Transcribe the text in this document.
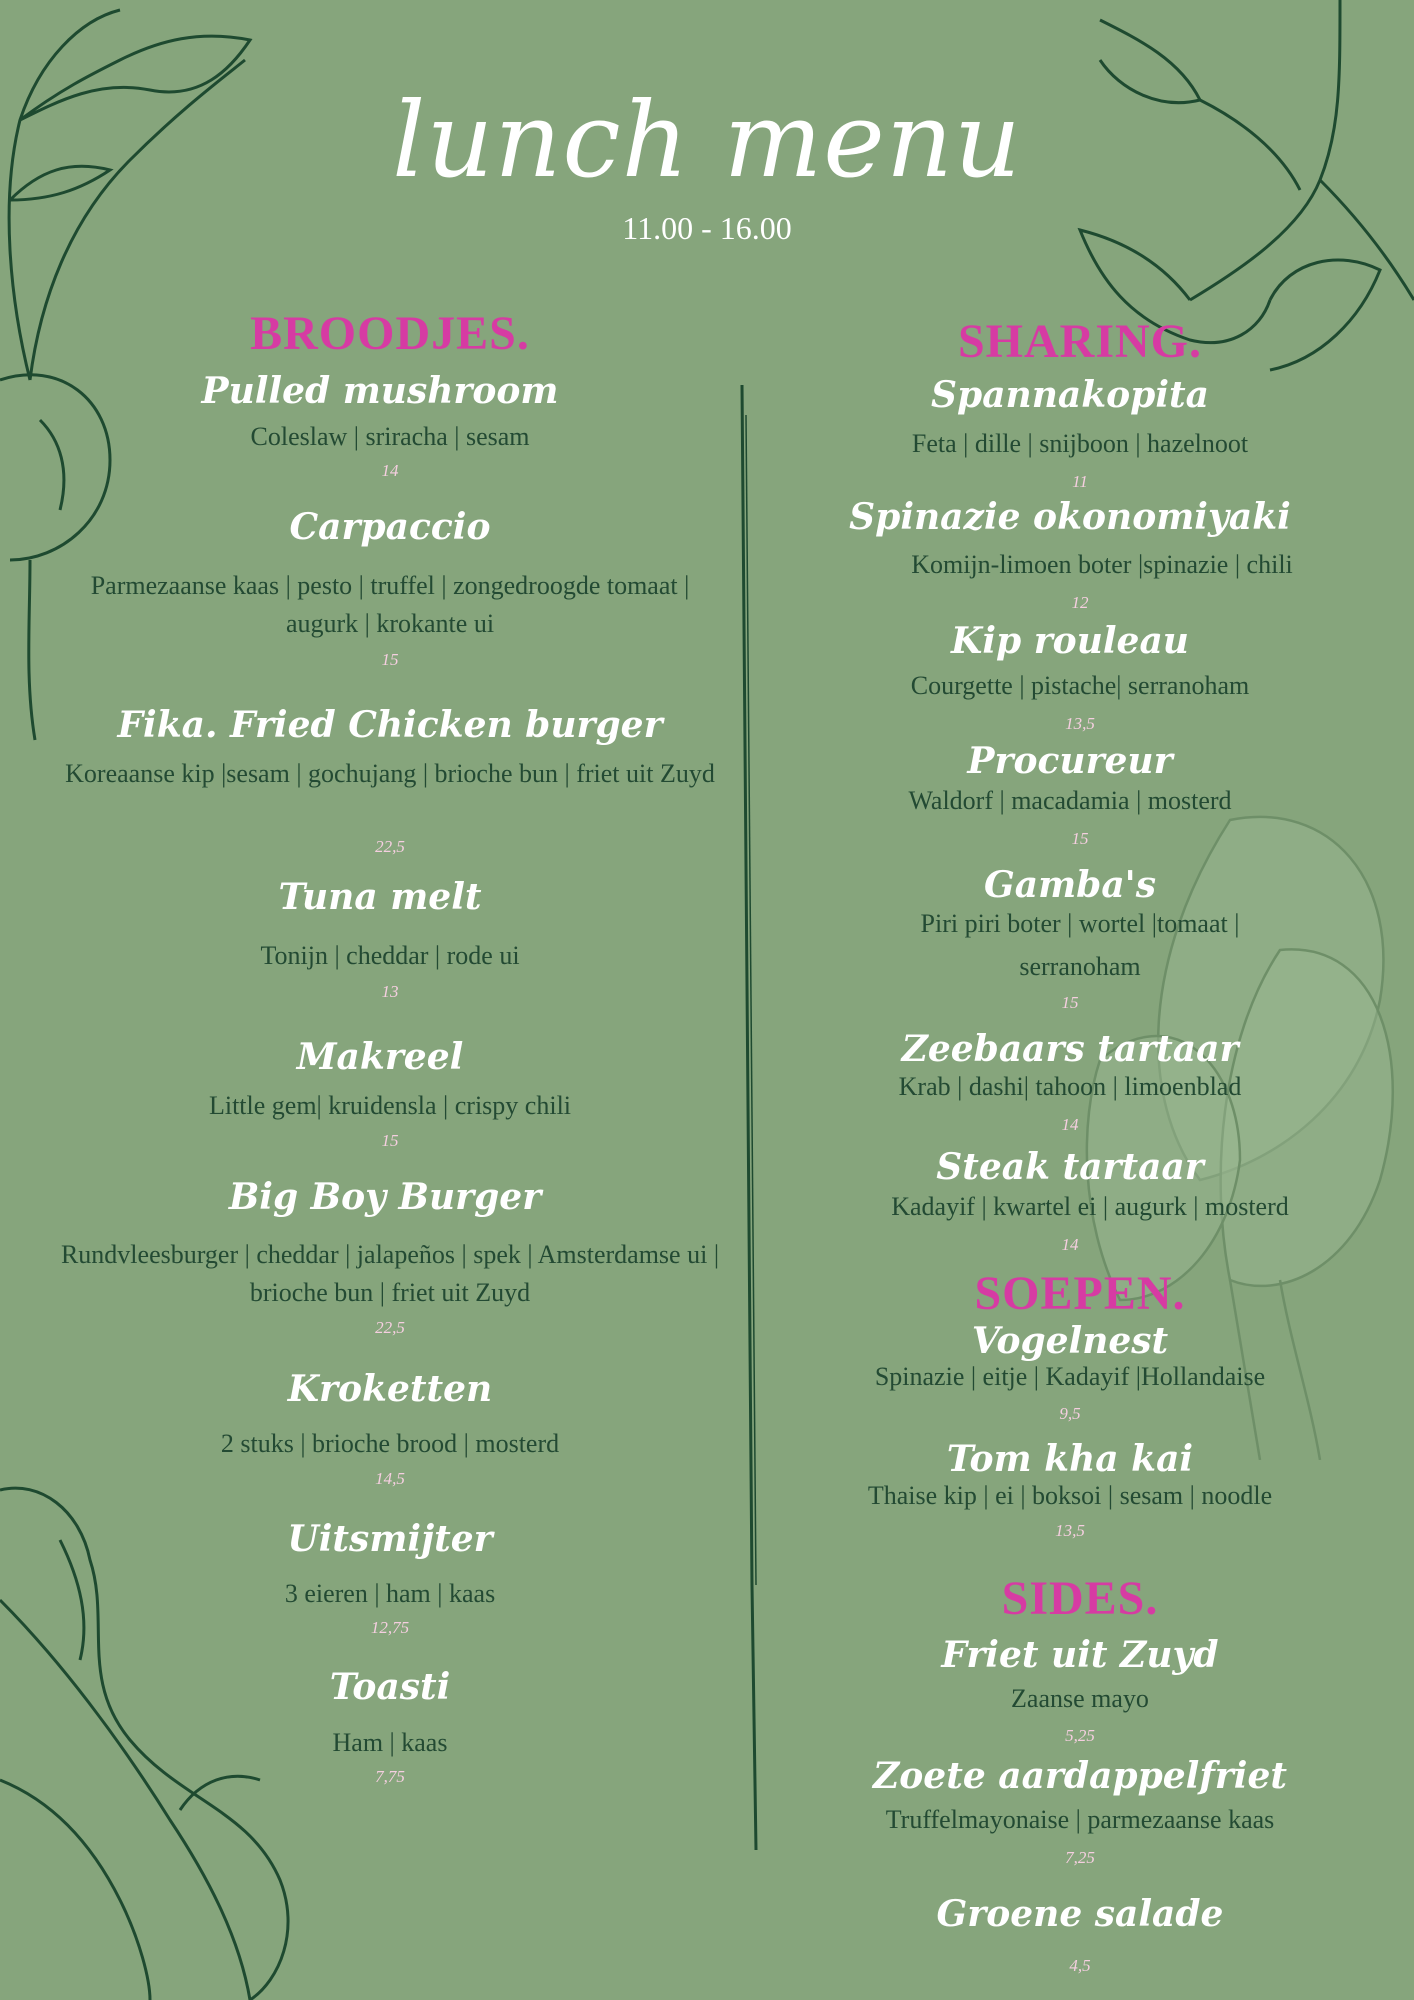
lunch menu
11.00 - 16.00
BROODJES.	SHARING.
SOEPEN.
SIDES.
Pulled mushroom
Coleslaw | sriracha | sesam
14
Carpaccio
Parmezaanse kaas | pesto | truffel | zongedroogde tomaat | augurk | krokante ui
15
Fika. Fried Chicken burger
Koreaanse kip |sesam | gochujang | brioche bun | friet uit Zuyd
22,5
Tuna melt
Tonijn | cheddar | rode ui
13
Makreel
Little gem| kruidensla | crispy chili
15
Big Boy Burger
Rundvleesburger | cheddar | jalapeños | spek | Amsterdamse ui | brioche bun | friet uit Zuyd
22,5
Kroketten
2 stuks | brioche brood | mosterd
14,5
Uitsmijter
3 eieren | ham | kaas
12,75
Toasti
Ham | kaas
7,75
Spannakopita
Feta | dille | snijboon | hazelnoot
11
Spinazie okonomiyaki
Komijn-limoen boter |spinazie | chili
12
Kip rouleau
Courgette | pistache| serranoham
13,5
Procureur
Waldorf | macadamia | mosterd
15
Gamba's
Piri piri boter | wortel |tomaat | serranoham
15
Zeebaars tartaar
Krab | dashi| tahoon | limoenblad
14
Steak tartaar
Kadayif | kwartel ei | augurk | mosterd
14
Vogelnest
Spinazie | eitje | Kadayif |Hollandaise
9,5
Tom kha kai
Thaise kip | ei | boksoi | sesam | noodle
13,5
Friet uit Zuyd
Zaanse mayo
5,25
Zoete aardappelfriet
Truffelmayonaise | parmezaanse kaas
7,25
Groene salade
4,5
